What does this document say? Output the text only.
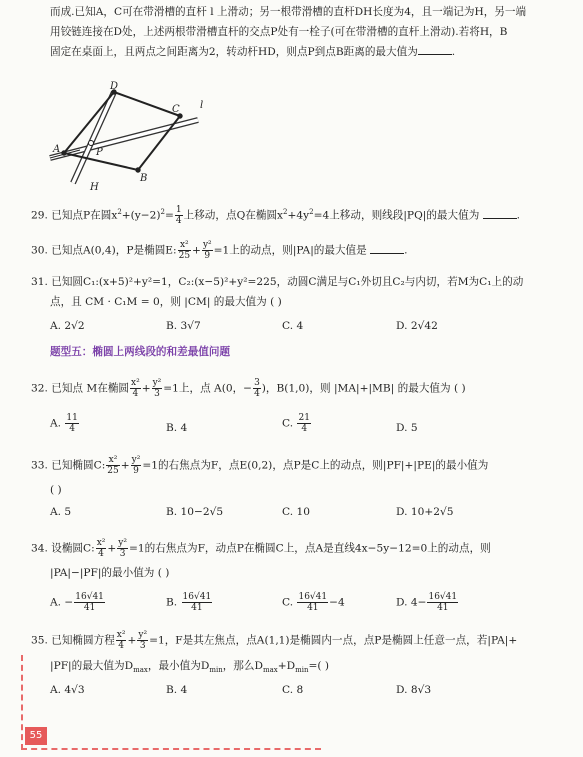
而成.已知A，C可在带滑槽的直杆 l 上滑动；另一根带滑槽的直杆DH长度为4，且一端记为H，另一端
用铰链连接在D处，上述两根带滑槽直杆的交点P处有一栓子(可在带滑槽的直杆上滑动).若将H，B
固定在桌面上，且两点之间距离为2，转动杆HD，则点P到点B距离的最大值为	.
D
C l
A	P
B
H
29. 已知点P在圆$x^2+(y-2)^2= \frac{1}{4}$ 上移动，点Q在椭圆$x^2+4y^2=4$上移动，则线段|PQ|的最大值为	.
30. 已知点A(0,4)，P是椭圆E: $\frac{\text{x²}}{25} + \frac{\text{y²}}{9} =1$上的动点，则|PA|的最大值是	.
31. 已知圆C₁:(x+5)²+y²=1，C₂:(x−5)²+y²=225，动圆C满足与C₁外切且C₂与内切，若M为C₁上的动
点，且 CM · C₁M = 0，则 |CM| 的最大值为 ( )
A. 2√2	B. 3√7	C. 4	D. 2√42
题型五：椭圆上两线段的和差最值问题
32. 已知点 M在椭圆 $\frac{\text{x²}}{4} + \frac{\text{y²}}{3} =1$上，点 A(0，− $\frac{3}{4}$ )，B(1,0)，则 |MA|+|MB| 的最大值为 ( )
A. $\frac{11}{4}$	B. 4	C. $\frac{21}{4}$	D. 5
33. 已知椭圆C: $\frac{\text{x²}}{25} + \frac{\text{y²}}{9} =1$的右焦点为F，点E(0,2)，点P是C上的动点，则|PF|+|PE|的最小值为
( )
A. 5	B. 10−2√5	C. 10	D. 10+2√5
34. 设椭圆C: $\frac{\text{x²}}{4} + \frac{\text{y²}}{3} =1$的右焦点为F，动点P在椭圆C上，点A是直线4x−5y−12=0上的动点，则
|PA|−|PF|的最小值为 ( )
A. − $\frac{16√41}{41}$	B. $\frac{16√41}{41}$	C. $\frac{16√41}{41} -4$	D. $4- \frac{16√41}{41}$
35. 已知椭圆方程 $\frac{\text{x²}}{4} + \frac{\text{y²}}{3} =1$，F是其左焦点，点A(1,1)是椭圆内一点，点P是椭圆上任意一点，若|PA|+
|PF|的最大值为$D_{max}$，最小值为$D_{min}$，那么$D_{max}+D_{min}=$( )
A. 4√3	B. 4	C. 8	D. 8√3
55
